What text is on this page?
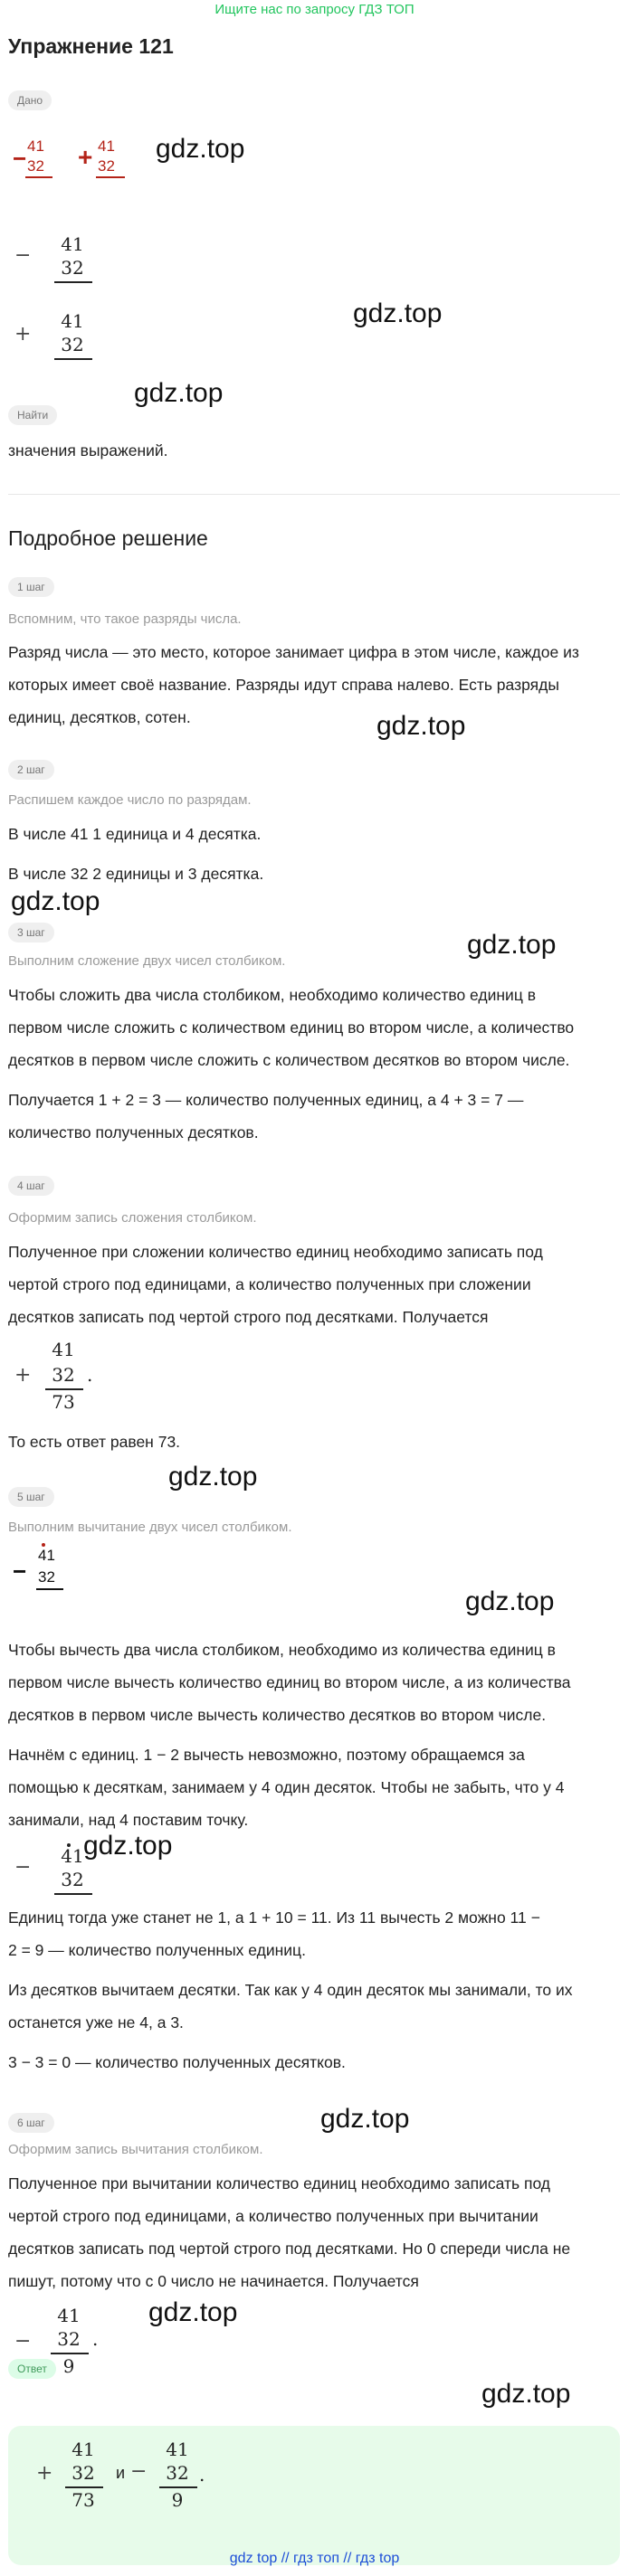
Ищите нас по запросу ГДЗ ТОП
Упражнение 121
Дано
− 41
32 + 41
32
gdz.top
−	41
32
+
41
32
gdz.top
gdz.top
Найти
значения выражений.
Подробное решение
1 шаг
Вспомним, что такое разряды числа.
Разряд числа — это место, которое занимает цифра в этом числе, каждое из
которых имеет своё название. Разряды идут справа налево. Есть разряды
единиц, десятков, сотен.	gdz.top
2 шаг
Распишем каждое число по разрядам.
В числе 41 1 единица и 4 десятка.
В числе 32 2 единицы и 3 десятка.
gdz.top
3 шаг
Выполним сложение двух чисел столбиком.
gdz.top
Чтобы сложить два числа столбиком, необходимо количество единиц в
первом числе сложить с количеством единиц во втором числе, а количество
десятков в первом числе сложить с количеством десятков во втором числе.
Получается 1 + 2 = 3 — количество полученных единиц, а 4 + 3 = 7 —
количество полученных десятков.
4 шаг
Оформим запись сложения столбиком.
Полученное при сложении количество единиц необходимо записать под
чертой строго под единицами, а количество полученных при сложении
десятков записать под чертой строго под десятками. Получается
+
41
32
73
.
То есть ответ равен 73.
gdz.top
5 шаг
Выполним вычитание двух чисел столбиком.
−
41
32
gdz.top
Чтобы вычесть два числа столбиком, необходимо из количества единиц в
первом числе вычесть количество единиц во втором числе, а из количества
десятков в первом числе вычесть количество десятков во втором числе.
Начнём с единиц. 1 − 2 вычесть невозможно, поэтому обращаемся за
помощью к десяткам, занимаем у 4 один десяток. Чтобы не забыть, что у 4
занимали, над 4 поставим точку.
−	41
32
gdz.top
Единиц тогда уже станет не 1, а 1 + 10 = 11. Из 11 вычесть 2 можно 11 −
2 = 9 — количество полученных единиц.
Из десятков вычитаем десятки. Так как у 4 один десяток мы занимали, то их
останется уже не 4, а 3.
3 − 3 = 0 — количество полученных десятков.
gdz.top
6 шаг
Оформим запись вычитания столбиком.
Полученное при вычитании количество единиц необходимо записать под
чертой строго под единицами, а количество полученных при вычитании
десятков записать под чертой строго под десятками. Но 0 спереди числа не
пишут, потому что с 0 число не начинается. Получается
−
41
32
9
.
gdz.top
Ответ
gdz.top
+
41
32
73
и −
41
32
9
.
gdz top // гдз топ // гдз top
